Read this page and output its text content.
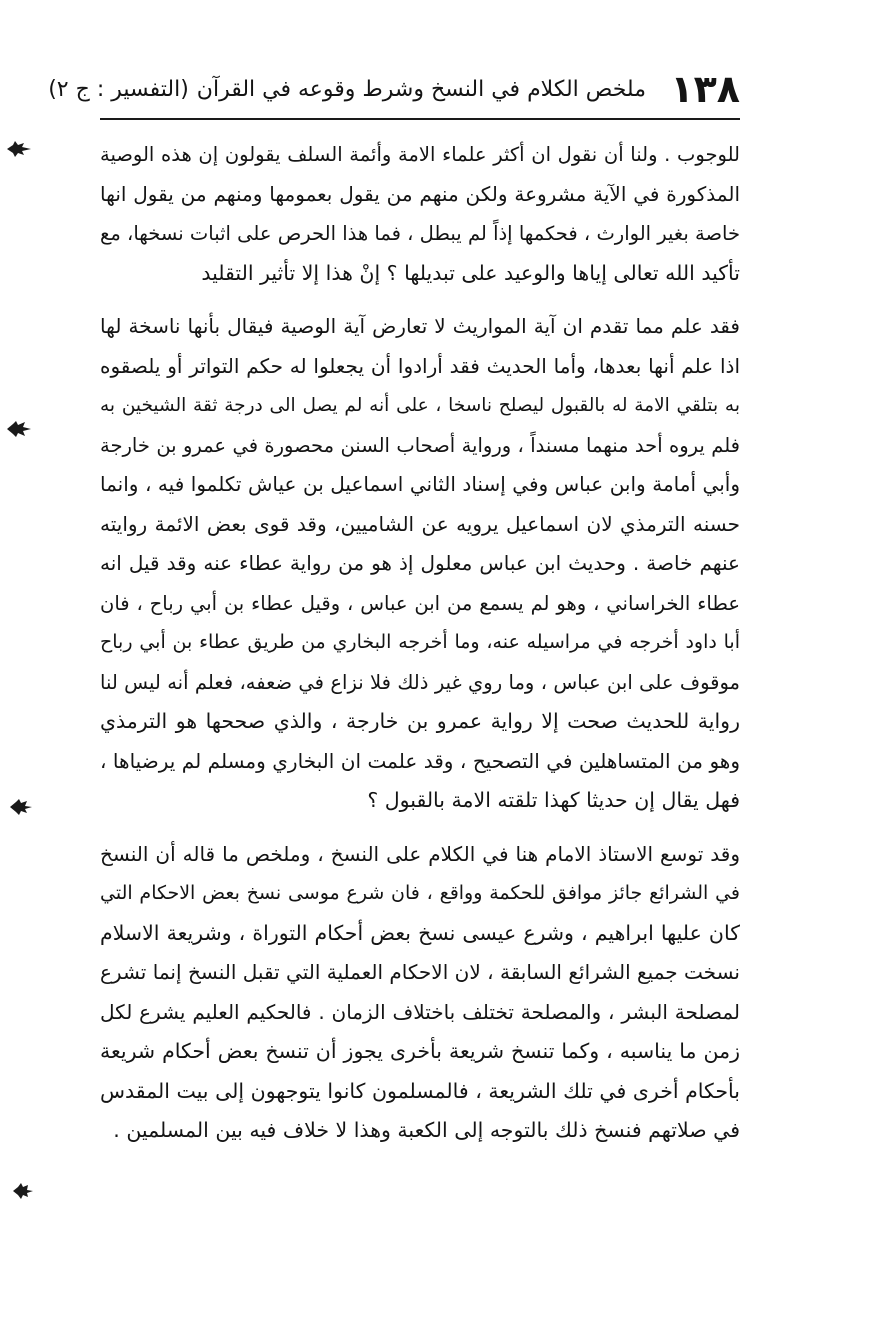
١٣٨
ملخص الكلام في النسخ وشرط وقوعه في القرآن(التفسير : ج ٢)
للوجوب . ولنا أن نقول ان أكثر علماء الامة وأئمة السلف يقولون إن هذه الوصية
المذكورة في الآية مشروعة ولكن منهم من يقول بعمومها ومنهم من يقول انها
خاصة بغير الوارث ، فحكمها إذاً لم يبطل ، فما هذا الحرص على اثبات نسخها، مع
تأكيد الله تعالى إياها والوعيد على تبديلها ؟ إنْ هذا إلا تأثير التقليد
فقد علم مما تقدم ان آية المواريث لا تعارض آية الوصية فيقال بأنها ناسخة لها
اذا علم أنها بعدها، وأما الحديث فقد أرادوا أن يجعلوا له حكم التواتر أو يلصقوه
به بتلقي الامة له بالقبول ليصلح ناسخا ، على أنه لم يصل الى درجة ثقة الشيخين به
فلم يروه أحد منهما مسنداً ، ورواية أصحاب السنن محصورة في عمرو بن خارجة
وأبي أمامة وابن عباس وفي إسناد الثاني اسماعيل بن عياش تكلموا فيه ، وانما
حسنه الترمذي لان اسماعيل يرويه عن الشاميين، وقد قوى بعض الائمة روايته
عنهم خاصة . وحديث ابن عباس معلول إذ هو من رواية عطاء عنه وقد قيل انه
عطاء الخراساني ، وهو لم يسمع من ابن عباس ، وقيل عطاء بن أبي رباح ، فان
أبا داود أخرجه في مراسيله عنه، وما أخرجه البخاري من طريق عطاء بن أبي رباح
موقوف على ابن عباس ، وما روي غير ذلك فلا نزاع في ضعفه، فعلم أنه ليس لنا
رواية للحديث صحت إلا رواية عمرو بن خارجة ، والذي صححها هو الترمذي
وهو من المتساهلين في التصحيح ، وقد علمت ان البخاري ومسلم لم يرضياها ،
فهل يقال إن حديثا كهذا تلقته الامة بالقبول ؟
وقد توسع الاستاذ الامام هنا في الكلام على النسخ ، وملخص ما قاله أن النسخ
في الشرائع جائز موافق للحكمة وواقع ، فان شرع موسى نسخ بعض الاحكام التي
كان عليها ابراهيم ، وشرع عيسى نسخ بعض أحكام التوراة ، وشريعة الاسلام
نسخت جميع الشرائع السابقة ، لان الاحكام العملية التي تقبل النسخ إنما تشرع
لمصلحة البشر ، والمصلحة تختلف باختلاف الزمان . فالحكيم العليم يشرع لكل
زمن ما يناسبه ، وكما تنسخ شريعة بأخرى يجوز أن تنسخ بعض أحكام شريعة
بأحكام أخرى في تلك الشريعة ، فالمسلمون كانوا يتوجهون إلى بيت المقدس
في صلاتهم فنسخ ذلك بالتوجه إلى الكعبة وهذا لا خلاف فيه بين المسلمين .
